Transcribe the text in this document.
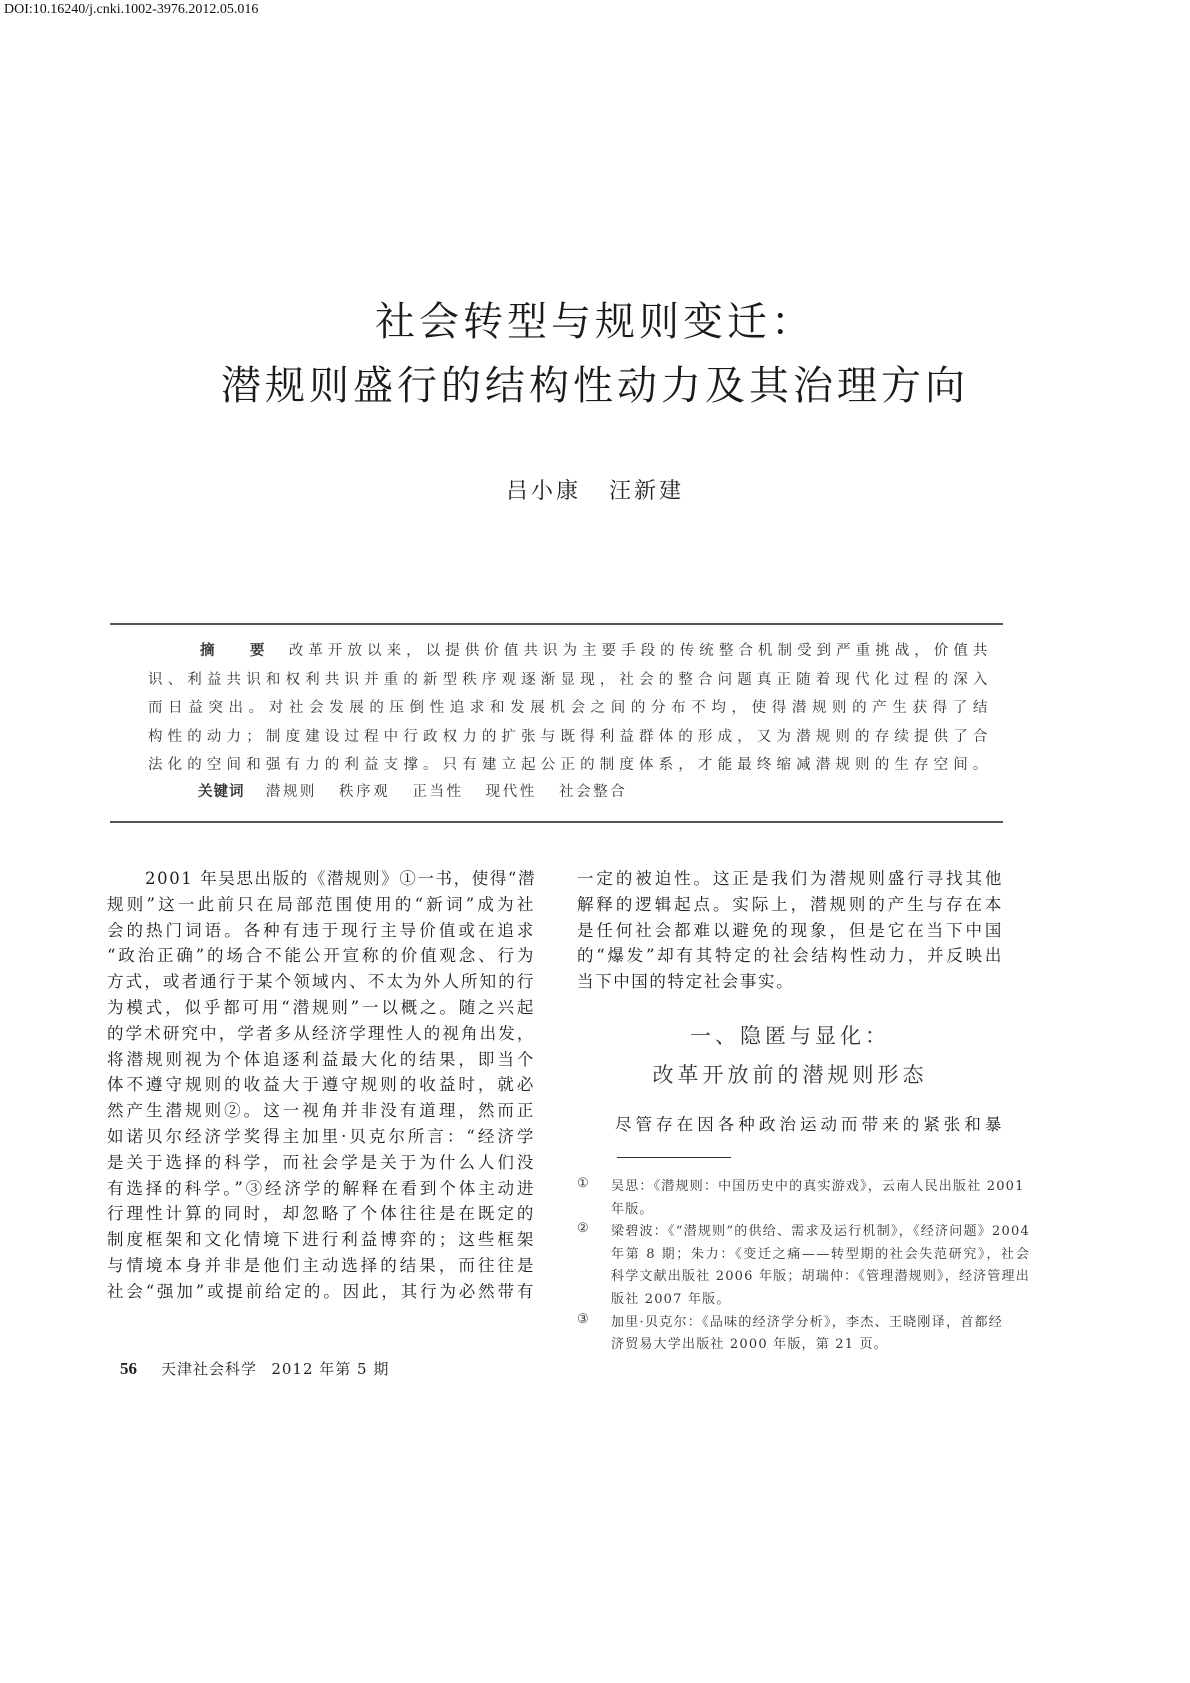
DOI:10.16240/j.cnki.1002-3976.2012.05.016
社会转型与规则变迁：
潜规则盛行的结构性动力及其治理方向
吕小康 汪新建
摘　要 改革开放以来，以提供价值共识为主要手段的传统整合机制受到严重挑战，价值共
识、利益共识和权利共识并重的新型秩序观逐渐显现，社会的整合问题真正随着现代化过程的深入
而日益突出。对社会发展的压倒性追求和发展机会之间的分布不均，使得潜规则的产生获得了结
构性的动力；制度建设过程中行政权力的扩张与既得利益群体的形成，又为潜规则的存续提供了合
法化的空间和强有力的利益支撑。只有建立起公正的制度体系，才能最终缩减潜规则的生存空间。
关键词 潜规则 秩序观 正当性 现代性 社会整合
2001 年吴思出版的《潜规则》①一书，使得“潜
规则”这一此前只在局部范围使用的“新词”成为社
会的热门词语。各种有违于现行主导价值或在追求
“政治正确”的场合不能公开宣称的价值观念、行为
方式，或者通行于某个领域内、不太为外人所知的行
为模式，似乎都可用“潜规则”一以概之。随之兴起
的学术研究中，学者多从经济学理性人的视角出发，
将潜规则视为个体追逐利益最大化的结果，即当个
体不遵守规则的收益大于遵守规则的收益时，就必
然产生潜规则②。这一视角并非没有道理，然而正
如诺贝尔经济学奖得主加里·贝克尔所言：“经济学
是关于选择的科学，而社会学是关于为什么人们没
有选择的科学。”③经济学的解释在看到个体主动进
行理性计算的同时，却忽略了个体往往是在既定的
制度框架和文化情境下进行利益博弈的；这些框架
与情境本身并非是他们主动选择的结果，而往往是
社会“强加”或提前给定的。因此，其行为必然带有
一定的被迫性。这正是我们为潜规则盛行寻找其他
解释的逻辑起点。实际上，潜规则的产生与存在本
是任何社会都难以避免的现象，但是它在当下中国
的“爆发”却有其特定的社会结构性动力，并反映出
当下中国的特定社会事实。
一、隐匿与显化：
改革开放前的潜规则形态
尽管存在因各种政治运动而带来的紧张和暴
①	吴思：《潜规则：中国历史中的真实游戏》，云南人民出版社 2001
年版。
②	梁碧波：《“潜规则”的供给、需求及运行机制》，《经济问题》2004
年第 8 期；朱力：《变迁之痛——转型期的社会失范研究》，社会
科学文献出版社 2006 年版；胡瑞仲：《管理潜规则》，经济管理出
版社 2007 年版。
③	加里·贝克尔：《品味的经济学分析》，李杰、王晓刚译，首都经
济贸易大学出版社 2000 年版，第 21 页。
56 天津社会科学 2012 年第 5 期
